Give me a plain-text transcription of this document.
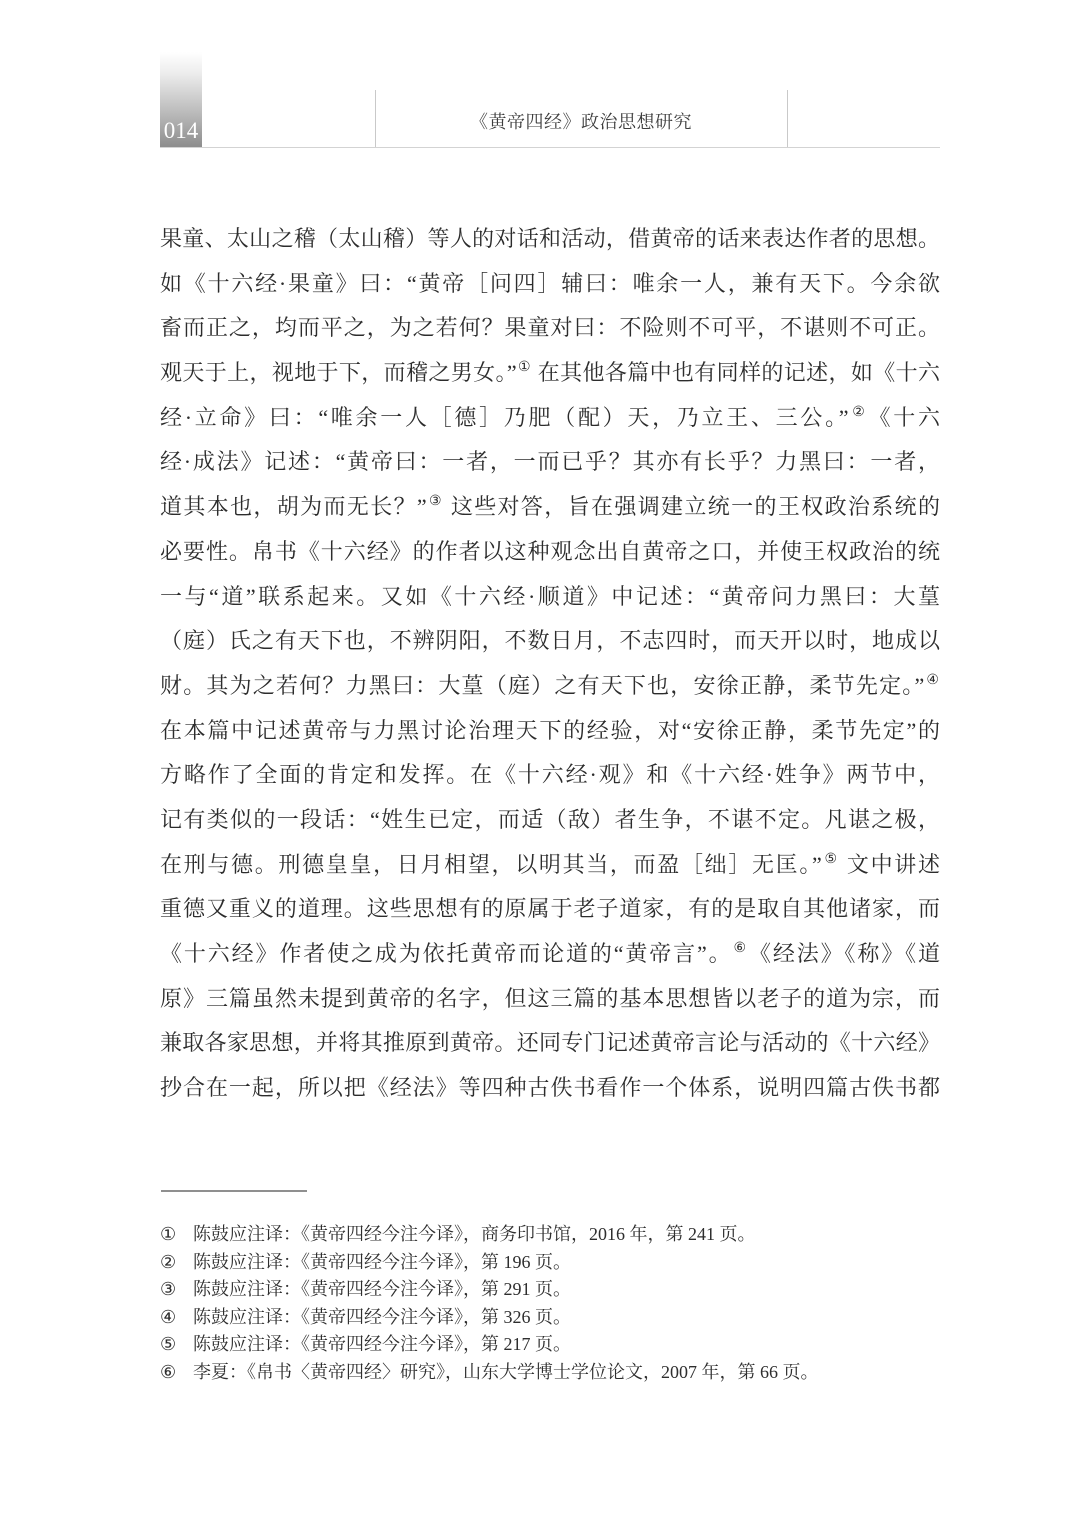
014	《黄帝四经》政治思想研究
果童、太山之稽（太山稽）等人的对话和活动，借黄帝的话来表达作者的思想。
如《十六经·果童》曰：“黄帝［问四］辅曰：唯余一人，兼有天下。今余欲
畜而正之，均而平之，为之若何？果童对曰：不险则不可平，不谌则不可正。
观天于上，视地于下，而稽之男女。”① 在其他各篇中也有同样的记述，如《十六
经·立命》曰：“唯余一人［德］乃肥（配）天，乃立王、三公。”②《十六
经·成法》记述：“黄帝曰：一者，一而已乎？其亦有长乎？力黑曰：一者，
道其本也，胡为而无长？”③ 这些对答，旨在强调建立统一的王权政治系统的
必要性。帛书《十六经》的作者以这种观念出自黄帝之口，并使王权政治的统
一与“道”联系起来。又如《十六经·顺道》中记述：“黄帝问力黑曰：大葟
（庭）氏之有天下也，不辨阴阳，不数日月，不志四时，而天开以时，地成以
财。其为之若何？力黑曰：大葟（庭）之有天下也，安徐正静，柔节先定。”④
在本篇中记述黄帝与力黑讨论治理天下的经验，对“安徐正静，柔节先定”的
方略作了全面的肯定和发挥。在《十六经·观》和《十六经·姓争》两节中，
记有类似的一段话：“姓生已定，而适（敌）者生争，不谌不定。凡谌之极，
在刑与德。刑德皇皇，日月相望，以明其当，而盈［绌］无匡。”⑤ 文中讲述
重德又重义的道理。这些思想有的原属于老子道家，有的是取自其他诸家，而
《十六经》作者使之成为依托黄帝而论道的“黄帝言”。⑥《经法》《称》《道
原》三篇虽然未提到黄帝的名字，但这三篇的基本思想皆以老子的道为宗，而
兼取各家思想，并将其推原到黄帝。还同专门记述黄帝言论与活动的《十六经》
抄合在一起，所以把《经法》等四种古佚书看作一个体系，说明四篇古佚书都
① 陈鼓应注译：《黄帝四经今注今译》，商务印书馆，2016 年，第 241 页。
② 陈鼓应注译：《黄帝四经今注今译》，第 196 页。
③ 陈鼓应注译：《黄帝四经今注今译》，第 291 页。
④ 陈鼓应注译：《黄帝四经今注今译》，第 326 页。
⑤ 陈鼓应注译：《黄帝四经今注今译》，第 217 页。
⑥ 李夏：《帛书〈黄帝四经〉研究》，山东大学博士学位论文，2007 年，第 66 页。
